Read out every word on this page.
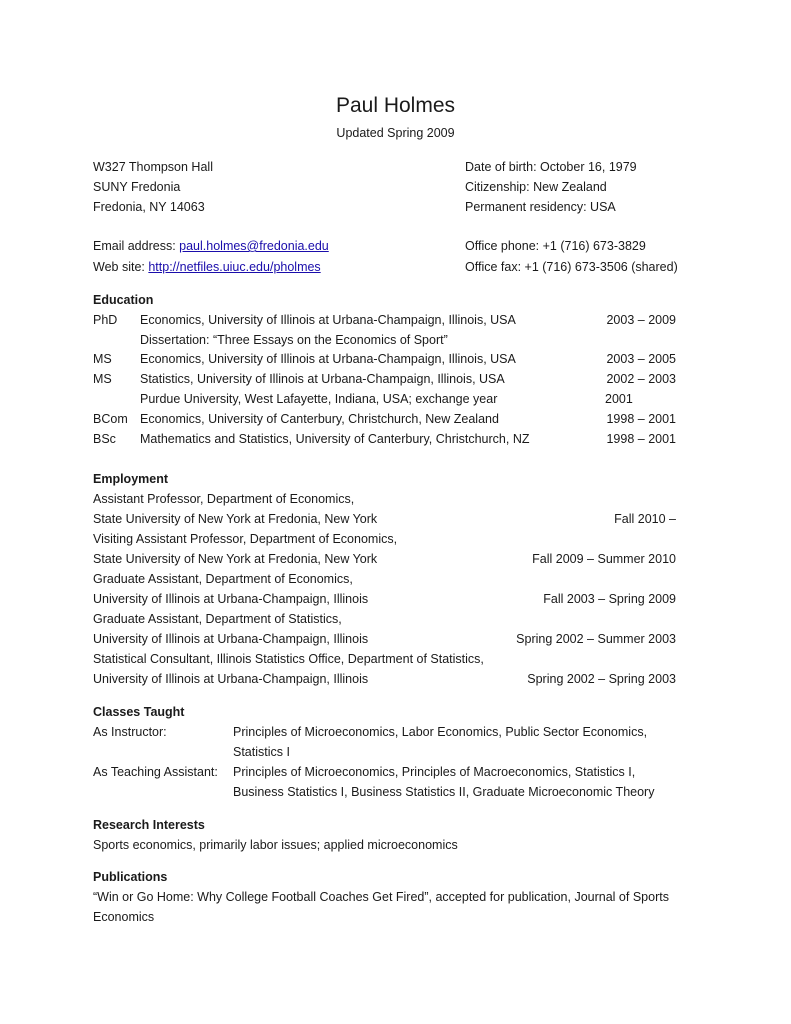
Paul Holmes
Updated Spring 2009
W327 Thompson Hall
SUNY Fredonia
Fredonia, NY 14063
Date of birth: October 16, 1979
Citizenship: New Zealand
Permanent residency: USA
Email address: paul.holmes@fredonia.edu
Web site: http://netfiles.uiuc.edu/pholmes
Office phone: +1 (716) 673-3829
Office fax: +1 (716) 673-3506 (shared)
Education
PhD Economics, University of Illinois at Urbana-Champaign, Illinois, USA	2003 – 2009
Dissertation: “Three Essays on the Economics of Sport”
MS Economics, University of Illinois at Urbana-Champaign, Illinois, USA	2003 – 2005
MS Statistics, University of Illinois at Urbana-Champaign, Illinois, USA	2002 – 2003
Purdue University, West Lafayette, Indiana, USA; exchange year	2001
BCom Economics, University of Canterbury, Christchurch, New Zealand	1998 – 2001
BSc Mathematics and Statistics, University of Canterbury, Christchurch, NZ	1998 – 2001
Employment
Assistant Professor, Department of Economics,
State University of New York at Fredonia, New York	Fall 2010 –
Visiting Assistant Professor, Department of Economics,
State University of New York at Fredonia, New York	Fall 2009 – Summer 2010
Graduate Assistant, Department of Economics,
University of Illinois at Urbana-Champaign, Illinois	Fall 2003 – Spring 2009
Graduate Assistant, Department of Statistics,
University of Illinois at Urbana-Champaign, Illinois	Spring 2002 – Summer 2003
Statistical Consultant, Illinois Statistics Office, Department of Statistics,
University of Illinois at Urbana-Champaign, Illinois	Spring 2002 – Spring 2003
Classes Taught
As Instructor:	Principles of Microeconomics, Labor Economics, Public Sector Economics,
Statistics I
As Teaching Assistant: Principles of Microeconomics, Principles of Macroeconomics, Statistics I,
Business Statistics I, Business Statistics II, Graduate Microeconomic Theory
Research Interests
Sports economics, primarily labor issues; applied microeconomics
Publications
“Win or Go Home: Why College Football Coaches Get Fired”, accepted for publication, Journal of Sports
Economics
